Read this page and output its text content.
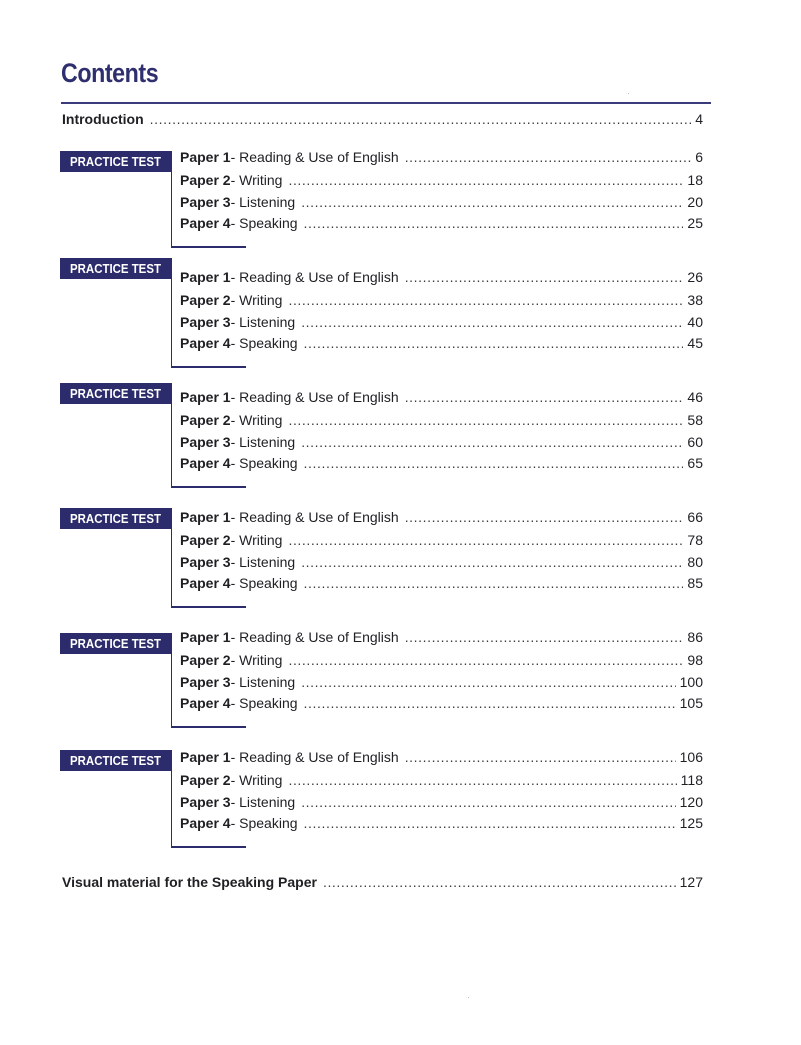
Contents
Introduction .....	4
PRACTICE TEST 1
Paper 1 - Reading & Use of English .....	6
Paper 2 - Writing .....	18
Paper 3 - Listening .....	20
Paper 4 - Speaking .....	25
PRACTICE TEST 2
Paper 1 - Reading & Use of English .....	26
Paper 2 - Writing .....	38
Paper 3 - Listening .....	40
Paper 4 - Speaking .....	45
PRACTICE TEST 3
Paper 1 - Reading & Use of English .....	46
Paper 2 - Writing .....	58
Paper 3 - Listening .....	60
Paper 4 - Speaking .....	65
PRACTICE TEST 4
Paper 1 - Reading & Use of English .....	66
Paper 2 - Writing .....	78
Paper 3 - Listening .....	80
Paper 4 - Speaking .....	85
PRACTICE TEST 5
Paper 1 - Reading & Use of English .....	86
Paper 2 - Writing .....	98
Paper 3 - Listening .....	100
Paper 4 - Speaking .....	105
PRACTICE TEST 6
Paper 1 - Reading & Use of English .....	106
Paper 2 - Writing .....	118
Paper 3 - Listening .....	120
Paper 4 - Speaking .....	125
Visual material for the Speaking Paper .....	127
